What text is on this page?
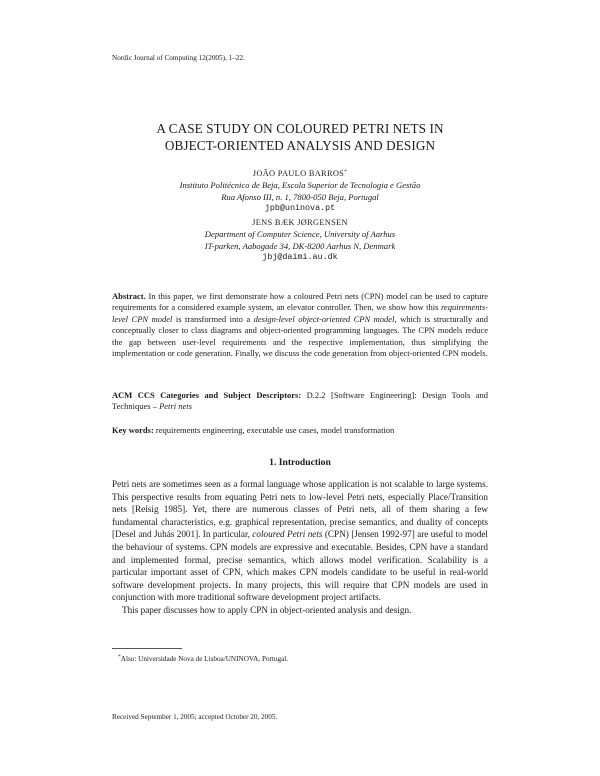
Nordic Journal of Computing 12(2005), 1–22.
A CASE STUDY ON COLOURED PETRI NETS IN
OBJECT-ORIENTED ANALYSIS AND DESIGN
JOÃO PAULO BARROS*
Instituto Politécnico de Beja, Escola Superior de Tecnologia e Gestão
Rua Afonso III, n. 1, 7800-050 Beja, Portugal
jpb@uninova.pt
JENS BÆK JØRGENSEN
Department of Computer Science, University of Aarhus
IT-parken, Aabogade 34, DK-8200 Aarhus N, Denmark
jbj@daimi.au.dk
Abstract. In this paper, we first demonstrate how a coloured Petri nets (CPN) model can be used to capture requirements for a considered example system, an elevator controller. Then, we show how this requirements-level CPN model is transformed into a design-level object-oriented CPN model, which is structurally and conceptually closer to class diagrams and object-oriented programming languages. The CPN models reduce the gap between user-level requirements and the respective implementation, thus simplifying the implementation or code generation. Finally, we discuss the code generation from object-oriented CPN models.
ACM CCS Categories and Subject Descriptors: D.2.2 [Software Engineering]: Design Tools and Techniques – Petri nets
Key words: requirements engineering, executable use cases, model transformation
1. Introduction

Petri nets are sometimes seen as a formal language whose application is not scalable to large systems. This perspective results from equating Petri nets to low-level Petri nets, especially Place/Transition nets [Reisig 1985]. Yet, there are numerous classes of Petri nets, all of them sharing a few fundamental characteristics, e.g. graphical representation, precise semantics, and duality of concepts [Desel and Juhás 2001]. In particular, coloured Petri nets (CPN) [Jensen 1992-97] are useful to model the behaviour of systems. CPN models are expressive and executable. Besides, CPN have a standard and implemented formal, precise semantics, which allows model verification. Scalability is a particular important asset of CPN, which makes CPN models candidate to be useful in real-world software development projects. In many projects, this will require that CPN models are used in conjunction with more traditional software development project artifacts.

This paper discusses how to apply CPN in object-oriented analysis and design.

*Also: Universidade Nova de Lisboa/UNINOVA, Portugal.
Received September 1, 2005; accepted October 20, 2005.
